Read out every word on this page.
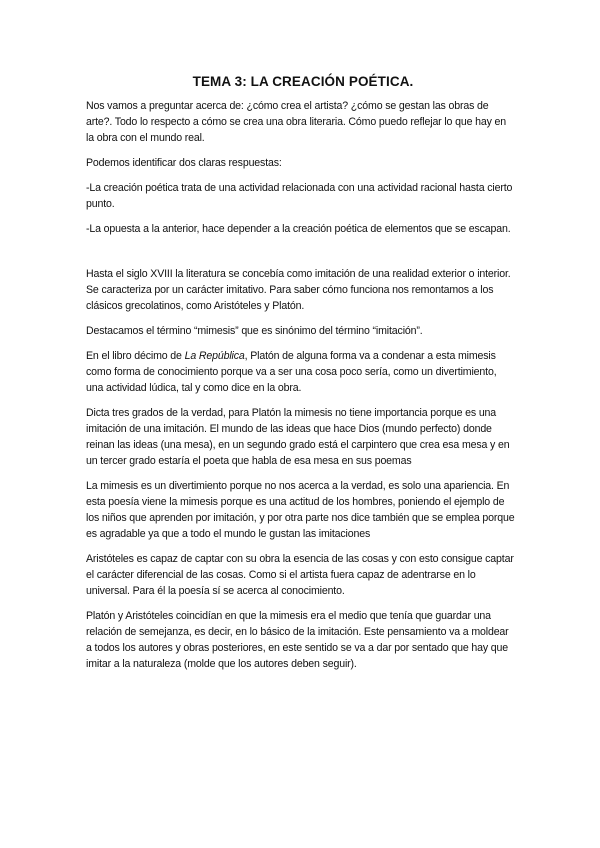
TEMA 3: LA CREACIÓN POÉTICA.

Nos vamos a preguntar acerca de: ¿cómo crea el artista? ¿cómo se gestan las obras de arte?. Todo lo respecto a cómo se crea una obra literaria. Cómo puedo reflejar lo que hay en la obra con el mundo real.

Podemos identificar dos claras respuestas:

-La creación poética trata de una actividad relacionada con una actividad racional hasta cierto punto.

-La opuesta a la anterior, hace depender a la creación poética de elementos que se escapan.

Hasta el siglo XVIII la literatura se concebía como imitación de una realidad exterior o interior. Se caracteriza por un carácter imitativo. Para saber cómo funciona nos remontamos a los clásicos grecolatinos, como Aristóteles y Platón.

Destacamos el término “mimesis” que es sinónimo del término “imitación”.

En el libro décimo de La República, Platón de alguna forma va a condenar a esta mimesis como forma de conocimiento porque va a ser una cosa poco sería, como un divertimiento, una actividad lúdica, tal y como dice en la obra.

Dicta tres grados de la verdad, para Platón la mimesis no tiene importancia porque es una imitación de una imitación. El mundo de las ideas que hace Dios (mundo perfecto) donde reinan las ideas (una mesa), en un segundo grado está el carpintero que crea esa mesa y en un tercer grado estaría el poeta que habla de esa mesa en sus poemas

La mimesis es un divertimiento porque no nos acerca a la verdad, es solo una apariencia. En esta poesía viene la mimesis porque es una actitud de los hombres, poniendo el ejemplo de los niños que aprenden por imitación, y por otra parte nos dice también que se emplea porque es agradable ya que a todo el mundo le gustan las imitaciones

Aristóteles es capaz de captar con su obra la esencia de las cosas y con esto consigue captar el carácter diferencial de las cosas. Como si el artista fuera capaz de adentrarse en lo universal. Para él la poesía sí se acerca al conocimiento.

Platón y Aristóteles coincidían en que la mimesis era el medio que tenía que guardar una relación de semejanza, es decir, en lo básico de la imitación. Este pensamiento va a moldear a todos los autores y obras posteriores, en este sentido se va a dar por sentado que hay que imitar a la naturaleza (molde que los autores deben seguir).
